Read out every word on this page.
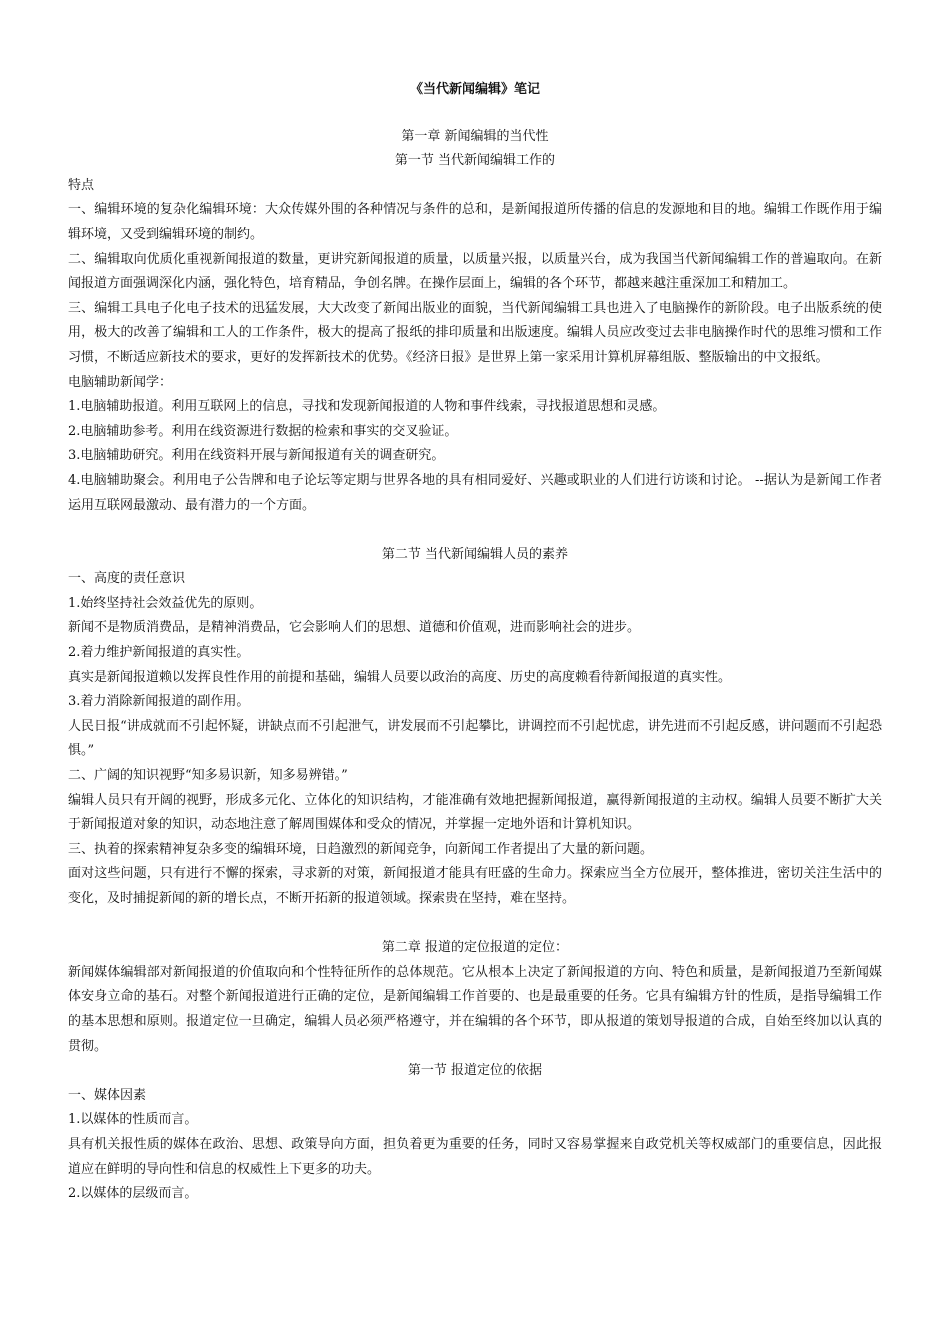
《当代新闻编辑》笔记

第一章 新闻编辑的当代性

第一节 当代新闻编辑工作的

特点

一、编辑环境的复杂化编辑环境：大众传媒外围的各种情况与条件的总和，是新闻报道所传播的信息的发源地和目的地。编辑工作既作用于编辑环境，又受到编辑环境的制约。

二、编辑取向优质化重视新闻报道的数量，更讲究新闻报道的质量，以质量兴报，以质量兴台，成为我国当代新闻编辑工作的普遍取向。在新闻报道方面强调深化内涵，强化特色，培育精品，争创名牌。在操作层面上，编辑的各个环节，都越来越注重深加工和精加工。

三、编辑工具电子化电子技术的迅猛发展，大大改变了新闻出版业的面貌，当代新闻编辑工具也进入了电脑操作的新阶段。电子出版系统的使用，极大的改善了编辑和工人的工作条件，极大的提高了报纸的排印质量和出版速度。编辑人员应改变过去非电脑操作时代的思维习惯和工作习惯，不断适应新技术的要求，更好的发挥新技术的优势。《经济日报》是世界上第一家采用计算机屏幕组版、整版输出的中文报纸。

电脑辅助新闻学：

1.电脑辅助报道。利用互联网上的信息，寻找和发现新闻报道的人物和事件线索，寻找报道思想和灵感。

2.电脑辅助参考。利用在线资源进行数据的检索和事实的交叉验证。

3.电脑辅助研究。利用在线资料开展与新闻报道有关的调查研究。

4.电脑辅助聚会。利用电子公告牌和电子论坛等定期与世界各地的具有相同爱好、兴趣或职业的人们进行访谈和讨论。 --据认为是新闻工作者运用互联网最激动、最有潜力的一个方面。

第二节 当代新闻编辑人员的素养

一、高度的责任意识

1.始终坚持社会效益优先的原则。

新闻不是物质消费品，是精神消费品，它会影响人们的思想、道德和价值观，进而影响社会的进步。

2.着力维护新闻报道的真实性。

真实是新闻报道赖以发挥良性作用的前提和基础，编辑人员要以政治的高度、历史的高度赖看待新闻报道的真实性。

3.着力消除新闻报道的副作用。

人民日报“讲成就而不引起怀疑，讲缺点而不引起泄气，讲发展而不引起攀比，讲调控而不引起忧虑，讲先进而不引起反感，讲问题而不引起恐惧。”

二、广阔的知识视野“知多易识新，知多易辨错。”

编辑人员只有开阔的视野，形成多元化、立体化的知识结构，才能准确有效地把握新闻报道，赢得新闻报道的主动权。编辑人员要不断扩大关于新闻报道对象的知识，动态地注意了解周围媒体和受众的情况，并掌握一定地外语和计算机知识。

三、执着的探索精神复杂多变的编辑环境，日趋激烈的新闻竞争，向新闻工作者提出了大量的新问题。

面对这些问题，只有进行不懈的探索，寻求新的对策，新闻报道才能具有旺盛的生命力。探索应当全方位展开，整体推进，密切关注生活中的变化，及时捕捉新闻的新的增长点，不断开拓新的报道领域。探索贵在坚持，难在坚持。

第二章 报道的定位报道的定位：

新闻媒体编辑部对新闻报道的价值取向和个性特征所作的总体规范。它从根本上决定了新闻报道的方向、特色和质量，是新闻报道乃至新闻媒体安身立命的基石。对整个新闻报道进行正确的定位，是新闻编辑工作首要的、也是最重要的任务。它具有编辑方针的性质，是指导编辑工作的基本思想和原则。报道定位一旦确定，编辑人员必须严格遵守，并在编辑的各个环节，即从报道的策划导报道的合成，自始至终加以认真的贯彻。

第一节 报道定位的依据

一、媒体因素

1.以媒体的性质而言。

具有机关报性质的媒体在政治、思想、政策导向方面，担负着更为重要的任务，同时又容易掌握来自政党机关等权威部门的重要信息，因此报道应在鲜明的导向性和信息的权威性上下更多的功夫。

2.以媒体的层级而言。
